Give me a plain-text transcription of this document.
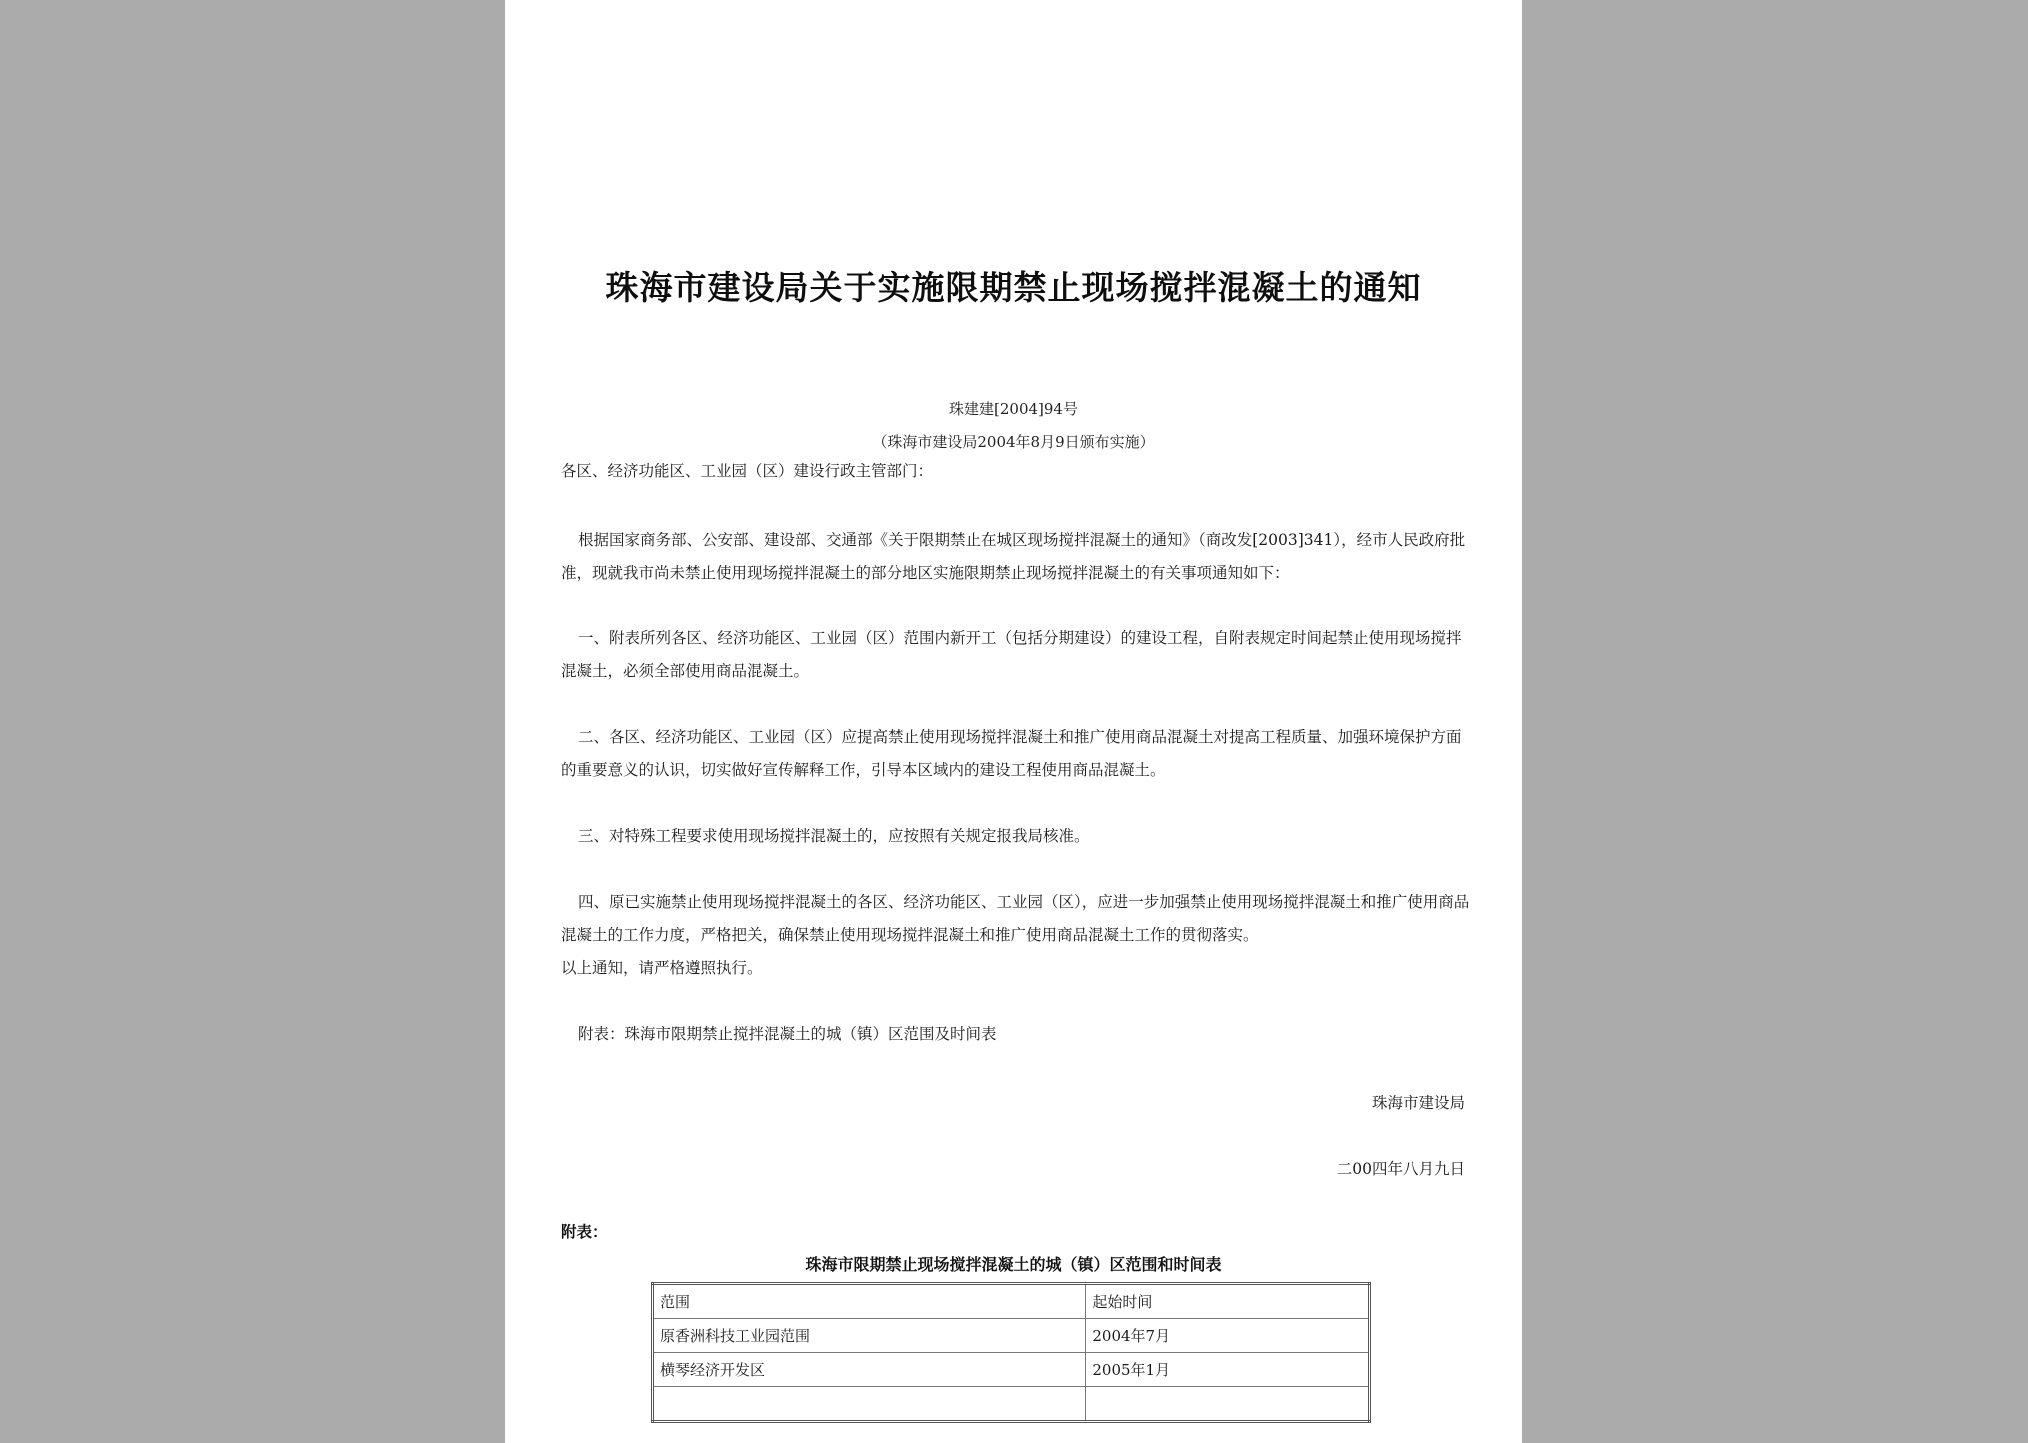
珠海市建设局关于实施限期禁止现场搅拌混凝土的通知
珠建建[2004]94号
（珠海市建设局2004年8月9日颁布实施）

各区、经济功能区、工业园（区）建设行政主管部门：

根据国家商务部、公安部、建设部、交通部《关于限期禁止在城区现场搅拌混凝土的通知》（商改发[2003]341），经市人民政府批准，现就我市尚未禁止使用现场搅拌混凝土的部分地区实施限期禁止现场搅拌混凝土的有关事项通知如下：

一、附表所列各区、经济功能区、工业园（区）范围内新开工（包括分期建设）的建设工程，自附表规定时间起禁止使用现场搅拌混凝土，必须全部使用商品混凝土。

二、各区、经济功能区、工业园（区）应提高禁止使用现场搅拌混凝土和推广使用商品混凝土对提高工程质量、加强环境保护方面的重要意义的认识，切实做好宣传解释工作，引导本区域内的建设工程使用商品混凝土。

三、对特殊工程要求使用现场搅拌混凝土的，应按照有关规定报我局核准。

四、原已实施禁止使用现场搅拌混凝土的各区、经济功能区、工业园（区），应进一步加强禁止使用现场搅拌混凝土和推广使用商品混凝土的工作力度，严格把关，确保禁止使用现场搅拌混凝土和推广使用商品混凝土工作的贯彻落实。

以上通知，请严格遵照执行。

附表：珠海市限期禁止搅拌混凝土的城（镇）区范围及时间表

珠海市建设局
二00四年八月九日
附表：
珠海市限期禁止现场搅拌混凝土的城（镇）区范围和时间表
范围	起始时间
原香洲科技工业园范围	2004年7月
横琴经济开发区	2005年1月
